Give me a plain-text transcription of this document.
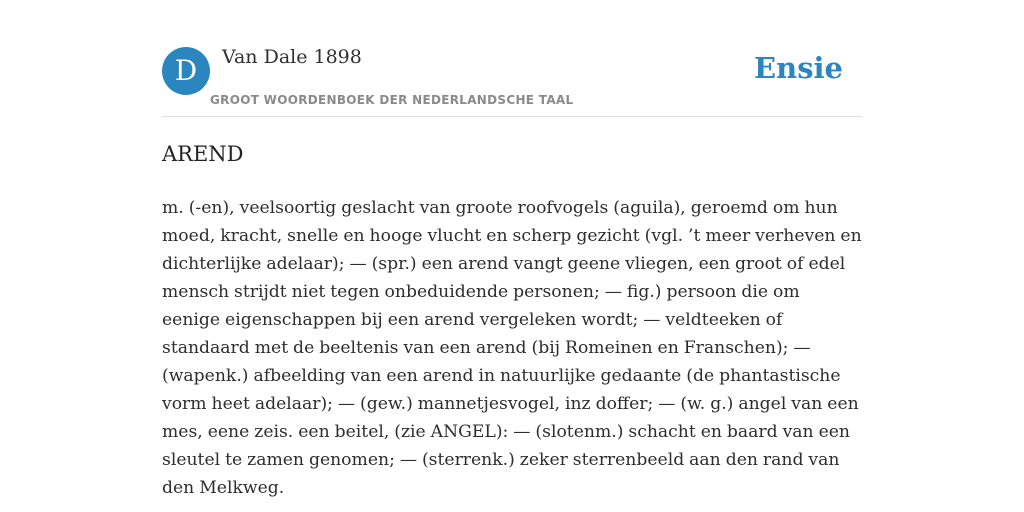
D	Van Dale 1898
GROOT WOORDENBOEK DER NEDERLANDSCHE TAAL
Ensie
AREND

m. (-en), veelsoortig geslacht van groote roofvogels (aguila), geroemd om hun moed, kracht, snelle en hooge vlucht en scherp gezicht (vgl. ’t meer verheven en dichterlijke adelaar); — (spr.) een arend vangt geene vliegen, een groot of edel mensch strijdt niet tegen onbeduidende personen; — fig.) persoon die om eenige eigenschappen bij een arend vergeleken wordt; — veldteeken of standaard met de beeltenis van een arend (bij Romeinen en Franschen); — (wapenk.) afbeelding van een arend in natuurlijke gedaante (de phantastische vorm heet adelaar); — (gew.) mannetjesvogel, inz doffer; — (w. g.) angel van een mes, eene zeis. een beitel, (zie ANGEL): — (slotenm.) schacht en baard van een sleutel te zamen genomen; — (sterrenk.) zeker sterrenbeeld aan den rand van den Melkweg.
